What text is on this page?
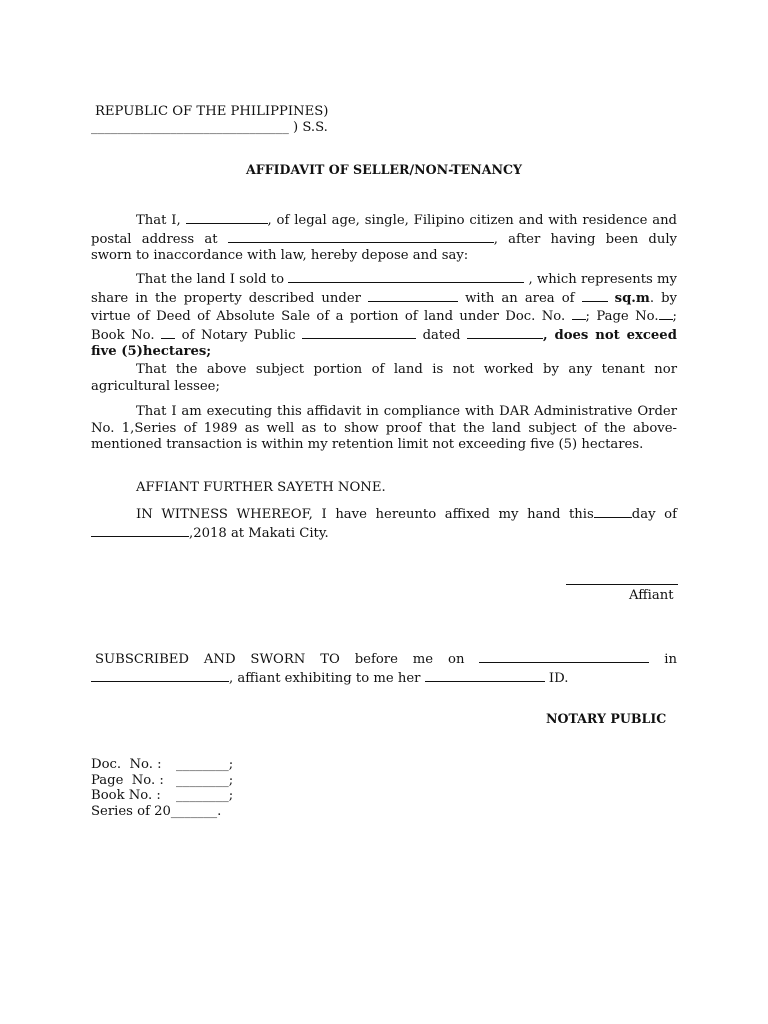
REPUBLIC OF THE PHILIPPINES)
______________________________ ) S.S.
AFFIDAVIT OF SELLER/NON-TENANCY
That I,	, of legal age, single, Filipino citizen and with residence and postal address at	, after having been duly sworn to inaccordance with law, hereby depose and say:
That the land I sold to	, which represents my share in the property described under	with an area of	sq.m. by virtue of Deed of Absolute Sale of a portion of land under Doc. No. ; Page No. ; Book No. of Notary Public	dated	, does not exceed five (5)hectares;
That the above subject portion of land is not worked by any tenant nor agricultural lessee;
That I am executing this affidavit in compliance with DAR Administrative Order No. 1,Series of 1989 as well as to show proof that the land subject of the above-mentioned transaction is within my retention limit not exceeding five (5) hectares.
AFFIANT FURTHER SAYETH NONE.
IN WITNESS WHEREOF, I have hereunto affixed my hand this	day of ,2018 at Makati City.
Affiant
SUBSCRIBED AND SWORN TO before me on	in , affiant exhibiting to me her	ID.
NOTARY PUBLIC
Doc.  No. : ________;
Page  No. : ________;
Book No. : ________;
Series of 20_______.
